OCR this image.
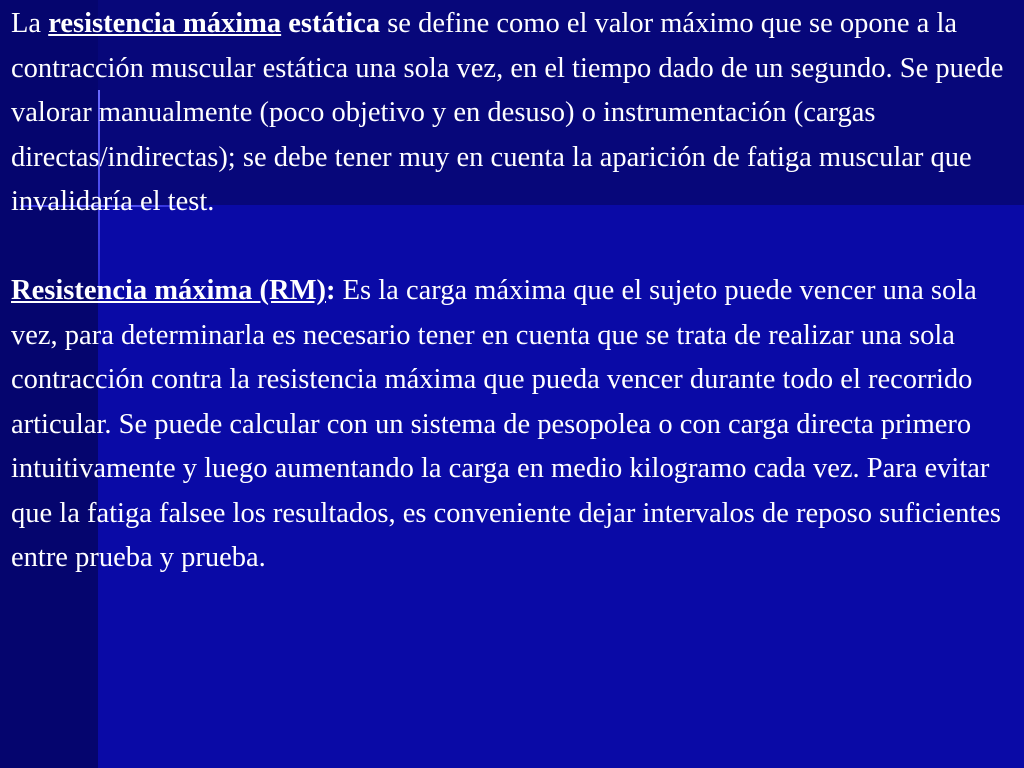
La resistencia máxima estática se define como el valor máximo que se opone a la contracción muscular estática una sola vez, en el tiempo dado de un segundo. Se puede valorar manualmente (poco objetivo y en desuso) o instrumentación (cargas directas/indirectas); se debe tener muy en cuenta la aparición de fatiga muscular que invalidaría el test.

Resistencia máxima (RM): Es la carga máxima que el sujeto puede vencer una sola vez, para determinarla es necesario tener en cuenta que se trata de realizar una sola contracción contra la resistencia máxima que pueda vencer durante todo el recorrido articular. Se puede calcular con un sistema de pesopolea o con carga directa primero intuitivamente y luego aumentando la carga en medio kilogramo cada vez. Para evitar que la fatiga falsee los resultados, es conveniente dejar intervalos de reposo suficientes entre prueba y prueba.
